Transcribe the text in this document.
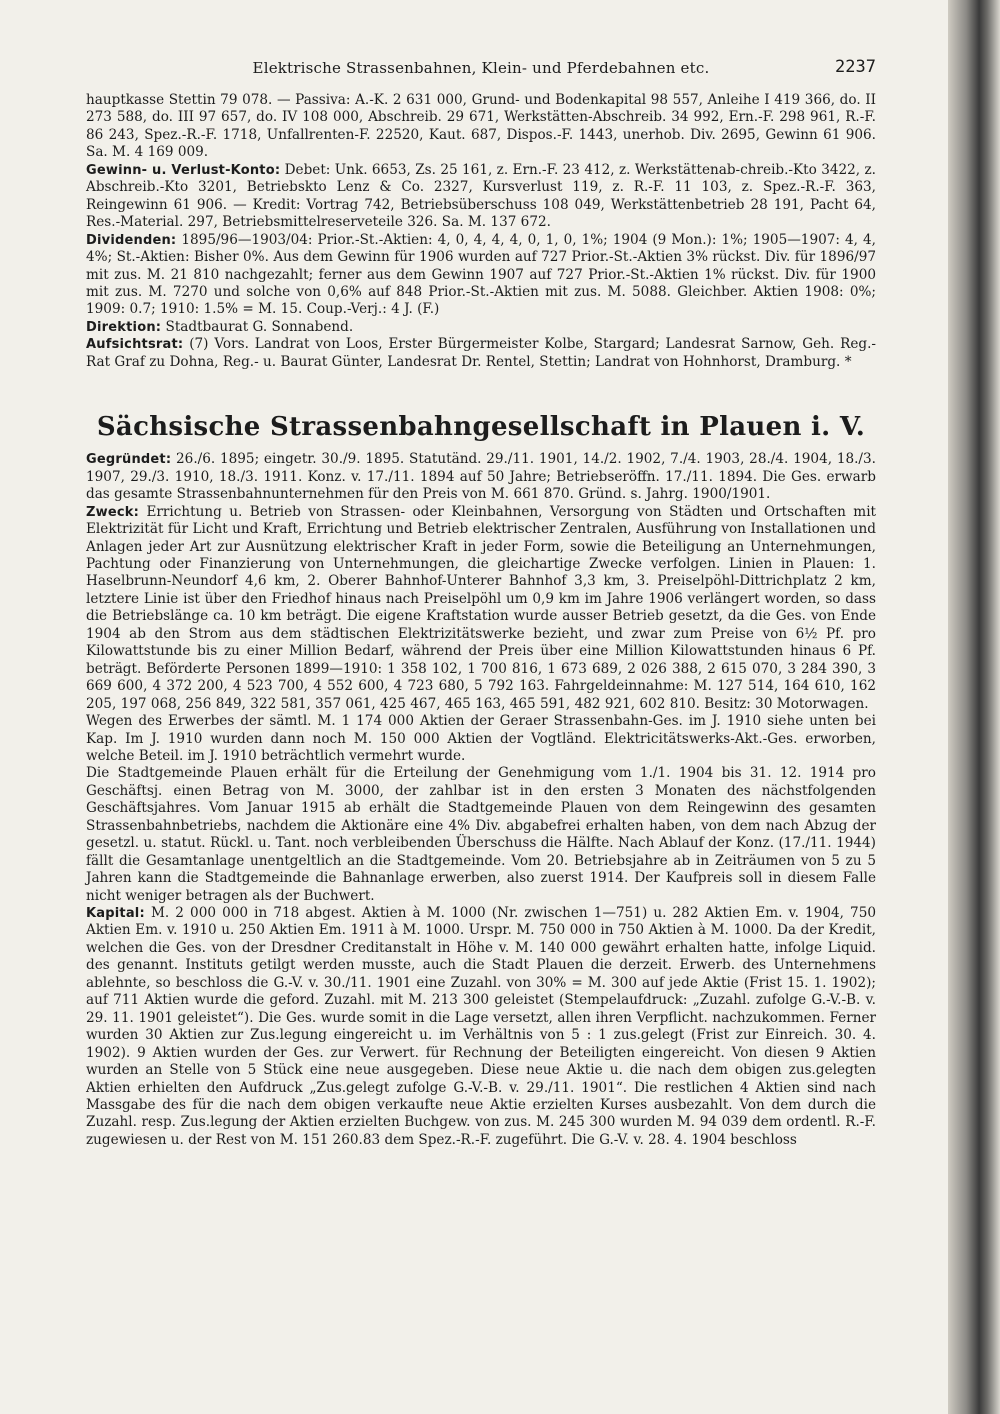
Elektrische Strassenbahnen, Klein- und Pferdebahnen etc.	2237

hauptkasse Stettin 79 078. — Passiva: A.-K. 2 631 000, Grund- und Bodenkapital 98 557, Anleihe I 419 366, do. II 273 588, do. III 97 657, do. IV 108 000, Abschreib. 29 671, Werkstätten-Abschreib. 34 992, Ern.-F. 298 961, R.-F. 86 243, Spez.-R.-F. 1718, Unfallrenten-F. 22520, Kaut. 687, Dispos.-F. 1443, unerhob. Div. 2695, Gewinn 61 906. Sa. M. 4 169 009.

Gewinn- u. Verlust-Konto: Debet: Unk. 6653, Zs. 25 161, z. Ern.-F. 23 412, z. Werkstättenab-chreib.-Kto 3422, z. Abschreib.-Kto 3201, Betriebskto Lenz & Co. 2327, Kursverlust 119, z. R.-F. 11 103, z. Spez.-R.-F. 363, Reingewinn 61 906. — Kredit: Vortrag 742, Betriebsüberschuss 108 049, Werkstättenbetrieb 28 191, Pacht 64, Res.-Material. 297, Betriebsmittelreserveteile 326. Sa. M. 137 672.

Dividenden: 1895/96—1903/04: Prior.-St.-Aktien: 4, 0, 4, 4, 4, 0, 1, 0, 1%; 1904 (9 Mon.): 1%; 1905—1907: 4, 4, 4%; St.-Aktien: Bisher 0%. Aus dem Gewinn für 1906 wurden auf 727 Prior.-St.-Aktien 3% rückst. Div. für 1896/97 mit zus. M. 21 810 nachgezahlt; ferner aus dem Gewinn 1907 auf 727 Prior.-St.-Aktien 1% rückst. Div. für 1900 mit zus. M. 7270 und solche von 0,6% auf 848 Prior.-St.-Aktien mit zus. M. 5088. Gleichber. Aktien 1908: 0%; 1909: 0.7; 1910: 1.5% = M. 15. Coup.-Verj.: 4 J. (F.)

Direktion: Stadtbaurat G. Sonnabend.

Aufsichtsrat: (7) Vors. Landrat von Loos, Erster Bürgermeister Kolbe, Stargard; Landesrat Sarnow, Geh. Reg.-Rat Graf zu Dohna, Reg.- u. Baurat Günter, Landesrat Dr. Rentel, Stettin; Landrat von Hohnhorst, Dramburg. *

Sächsische Strassenbahngesellschaft in Plauen i. V.

Gegründet: 26./6. 1895; eingetr. 30./9. 1895. Statutänd. 29./11. 1901, 14./2. 1902, 7./4. 1903, 28./4. 1904, 18./3. 1907, 29./3. 1910, 18./3. 1911. Konz. v. 17./11. 1894 auf 50 Jahre; Betriebseröffn. 17./11. 1894. Die Ges. erwarb das gesamte Strassenbahnunternehmen für den Preis von M. 661 870. Gründ. s. Jahrg. 1900/1901.

Zweck: Errichtung u. Betrieb von Strassen- oder Kleinbahnen, Versorgung von Städten und Ortschaften mit Elektrizität für Licht und Kraft, Errichtung und Betrieb elektrischer Zentralen, Ausführung von Installationen und Anlagen jeder Art zur Ausnützung elektrischer Kraft in jeder Form, sowie die Beteiligung an Unternehmungen, Pachtung oder Finanzierung von Unternehmungen, die gleichartige Zwecke verfolgen. Linien in Plauen: 1. Haselbrunn-Neundorf 4,6 km, 2. Oberer Bahnhof-Unterer Bahnhof 3,3 km, 3. Preiselpöhl-Dittrichplatz 2 km, letztere Linie ist über den Friedhof hinaus nach Preiselpöhl um 0,9 km im Jahre 1906 verlängert worden, so dass die Betriebslänge ca. 10 km beträgt. Die eigene Kraftstation wurde ausser Betrieb gesetzt, da die Ges. von Ende 1904 ab den Strom aus dem städtischen Elektrizitätswerke bezieht, und zwar zum Preise von 6½ Pf. pro Kilowattstunde bis zu einer Million Bedarf, während der Preis über eine Million Kilowattstunden hinaus 6 Pf. beträgt. Beförderte Personen 1899—1910: 1 358 102, 1 700 816, 1 673 689, 2 026 388, 2 615 070, 3 284 390, 3 669 600, 4 372 200, 4 523 700, 4 552 600, 4 723 680, 5 792 163. Fahrgeldeinnahme: M. 127 514, 164 610, 162 205, 197 068, 256 849, 322 581, 357 061, 425 467, 465 163, 465 591, 482 921, 602 810. Besitz: 30 Motorwagen.

Wegen des Erwerbes der sämtl. M. 1 174 000 Aktien der Geraer Strassenbahn-Ges. im J. 1910 siehe unten bei Kap. Im J. 1910 wurden dann noch M. 150 000 Aktien der Vogtländ. Elektricitätswerks-Akt.-Ges. erworben, welche Beteil. im J. 1910 beträchtlich vermehrt wurde.

Die Stadtgemeinde Plauen erhält für die Erteilung der Genehmigung vom 1./1. 1904 bis 31. 12. 1914 pro Geschäftsj. einen Betrag von M. 3000, der zahlbar ist in den ersten 3 Monaten des nächstfolgenden Geschäftsjahres. Vom Januar 1915 ab erhält die Stadtgemeinde Plauen von dem Reingewinn des gesamten Strassenbahnbetriebs, nachdem die Aktionäre eine 4% Div. abgabefrei erhalten haben, von dem nach Abzug der gesetzl. u. statut. Rückl. u. Tant. noch verbleibenden Überschuss die Hälfte. Nach Ablauf der Konz. (17./11. 1944) fällt die Gesamtanlage unentgeltlich an die Stadtgemeinde. Vom 20. Betriebsjahre ab in Zeiträumen von 5 zu 5 Jahren kann die Stadtgemeinde die Bahnanlage erwerben, also zuerst 1914. Der Kaufpreis soll in diesem Falle nicht weniger betragen als der Buchwert.

Kapital: M. 2 000 000 in 718 abgest. Aktien à M. 1000 (Nr. zwischen 1—751) u. 282 Aktien Em. v. 1904, 750 Aktien Em. v. 1910 u. 250 Aktien Em. 1911 à M. 1000. Urspr. M. 750 000 in 750 Aktien à M. 1000. Da der Kredit, welchen die Ges. von der Dresdner Creditanstalt in Höhe v. M. 140 000 gewährt erhalten hatte, infolge Liquid. des genannt. Instituts getilgt werden musste, auch die Stadt Plauen die derzeit. Erwerb. des Unternehmens ablehnte, so beschloss die G.-V. v. 30./11. 1901 eine Zuzahl. von 30% = M. 300 auf jede Aktie (Frist 15. 1. 1902); auf 711 Aktien wurde die geford. Zuzahl. mit M. 213 300 geleistet (Stempelaufdruck: „Zuzahl. zufolge G.-V.-B. v. 29. 11. 1901 geleistet“). Die Ges. wurde somit in die Lage versetzt, allen ihren Verpflicht. nachzukommen. Ferner wurden 30 Aktien zur Zus.legung eingereicht u. im Verhältnis von 5 : 1 zus.gelegt (Frist zur Einreich. 30. 4. 1902). 9 Aktien wurden der Ges. zur Verwert. für Rechnung der Beteiligten eingereicht. Von diesen 9 Aktien wurden an Stelle von 5 Stück eine neue ausgegeben. Diese neue Aktie u. die nach dem obigen zus.gelegten Aktien erhielten den Aufdruck „Zus.gelegt zufolge G.-V.-B. v. 29./11. 1901“. Die restlichen 4 Aktien sind nach Massgabe des für die nach dem obigen verkaufte neue Aktie erzielten Kurses ausbezahlt. Von dem durch die Zuzahl. resp. Zus.legung der Aktien erzielten Buchgew. von zus. M. 245 300 wurden M. 94 039 dem ordentl. R.-F. zugewiesen u. der Rest von M. 151 260.83 dem Spez.-R.-F. zugeführt. Die G.-V. v. 28. 4. 1904 beschloss
